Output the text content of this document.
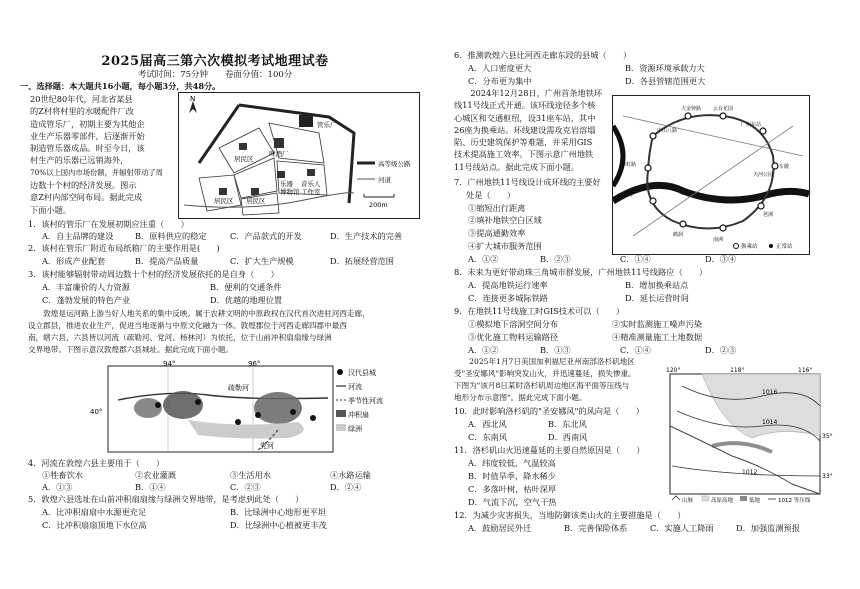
2025届高三第六次模拟考试地理试卷
考试时间：75分钟　　卷面分值：100分
一、选择题：本大题共16小题，每小题3分，共48分。
20世纪80年代，河北省某县
的Z村将村里的水暖配件厂改
造成管乐厂，初期主要为其他企
业生产乐器零部件，后逐渐开始
制造管乐器成品。时至今日，该
村生产的乐器已远销海外，
70%以上国内市场份额，并辐射带动了周
边数十个村的经济发展。图示
意Z村内部空间布局。据此完成
下面小题。
N
管乐厂
啤酒厂
居民区
乐器
博物馆
音乐人
工作室
居民区 居民区
高等级公路
河道
200m
1．该村的管乐厂在发展初期应注重（　　）
A．自主品牌的建设	B．原料供应的稳定	C．产品款式的开发	D．生产技术的完善
2．该村在管乐厂附近布局纸箱厂的主要作用是(　　)
A．形成产业配套	B．提高产品质量	C．扩大生产规模	D．拓展经营范围
3．该村能够辐射带动周边数十个村的经济发展依托的是自身（　　）
A．丰富廉价的人力资源	B．便利的交通条件
C．蓬勃发展的特色产业	D．优越的地理位置
　　敦煌是运河路上游当好人地关系的集中反映。属于农耕文明的中原政权在汉代首次进驻河西走廊，
设立郡县，推进农业生产，促进当地逐渐与中原文化融为一体。敦煌郡位于河西走廊四郡中最西
南，辖六县，六县皆以河流（疏勒河、党河、杨林河）为依托，位于山前冲积扇扇缘与绿洲
交界地带。下图示意汉敦煌郡六县城址。据此完成下面小题。
94°	96°
40°
疏勒河
党河
汉代县城
河流
季节性河流
冲积扇
绿洲
4．河流在敦煌六县主要用于（　　）
①牲畜饮水	②农业灌溉	③生活用水	④水路运输
A．①③	B．①④	C．②③	D．②④
5．敦煌六县选址在山前冲积扇扇缘与绿洲交界地带，是考虑到此处（　　）
A．比冲积扇扇中水源更充足	B．比绿洲中心地形更平坦
C．比冲积扇扇顶地下水位高	D．比绿洲中心植被更丰茂
6．推测敦煌六县比河西走廊东段的县城（　　）
A．人口密度更大	B．资源环境承载力大
C．分布更为集中	D．各县管辖范围更大
　　2024年12月28日，广州首条地铁环
线11号线正式开通。该环线途径多个核
心城区和交通枢纽，设31座车站，其中
26座为换乘站。环线建设需攻克岩溶塌
陷、历史建筑保护等难题，并采用GIS
技术提高施工效率。下图示意广州地铁
11号线站点。据此完成下面小题。
中山八路
大金钟路 云台花园
广州东站
天河公园
车陂
琶洲
南洲
鹤洞
芳村
彩虹路
换乘站	正常站
7．广州地铁11号线设计成环线的主要好
处是（　　）
①缩短出行距离
②填补地铁空白区域
③提高通勤效率
④扩大城市服务范围
A．①②	B．②③	C．①④	D．③④
8．未来为更好带动珠三角城市群发展，广州地铁11号线路应（　　）
A．提高地铁运行速率	B．增加换乘站点
C．连接更多城际铁路	D．延长运营时间
9．在地铁11号线施工时GIS技术可以（　　）
①模拟地下溶洞空间分布	②实时监测施工噪声污染
③优化施工物料运输路径	④精准测量施工土地数据
A．①②	B．①③	C．①④	D．②③
　　2025年1月7日美国加利福尼亚州南部洛杉矶地区
受"圣安娜风"影响突发山火，并迅速蔓延，损失惨重。
下图为"该月8日某时洛杉矶周边地区海平面等压线与
地形分布示意图"。据此完成下面小题。
120°	118°	116°
35°
33°
1016
1014
1012
山脉	高原高地	低地	1012 等压线
10．此时影响洛杉矶的"圣安娜风"的风向是（　　）
A．西北风	B．东北风
C．东南风	D．西南风
11．洛杉矶山火迅速蔓延的主要自然原因是（　　）
A．纬度较低，气温较高
B．时值旱季，降水稀少
C．多落叶树，枯叶深厚
D．气流下沉，空气干热
12．为减少灾害损失，当地防御该类山火的主要措施是（　　）
A．鼓励居民外迁	B．完善保险体系	C．实施人工降雨	D．加强监测预报
